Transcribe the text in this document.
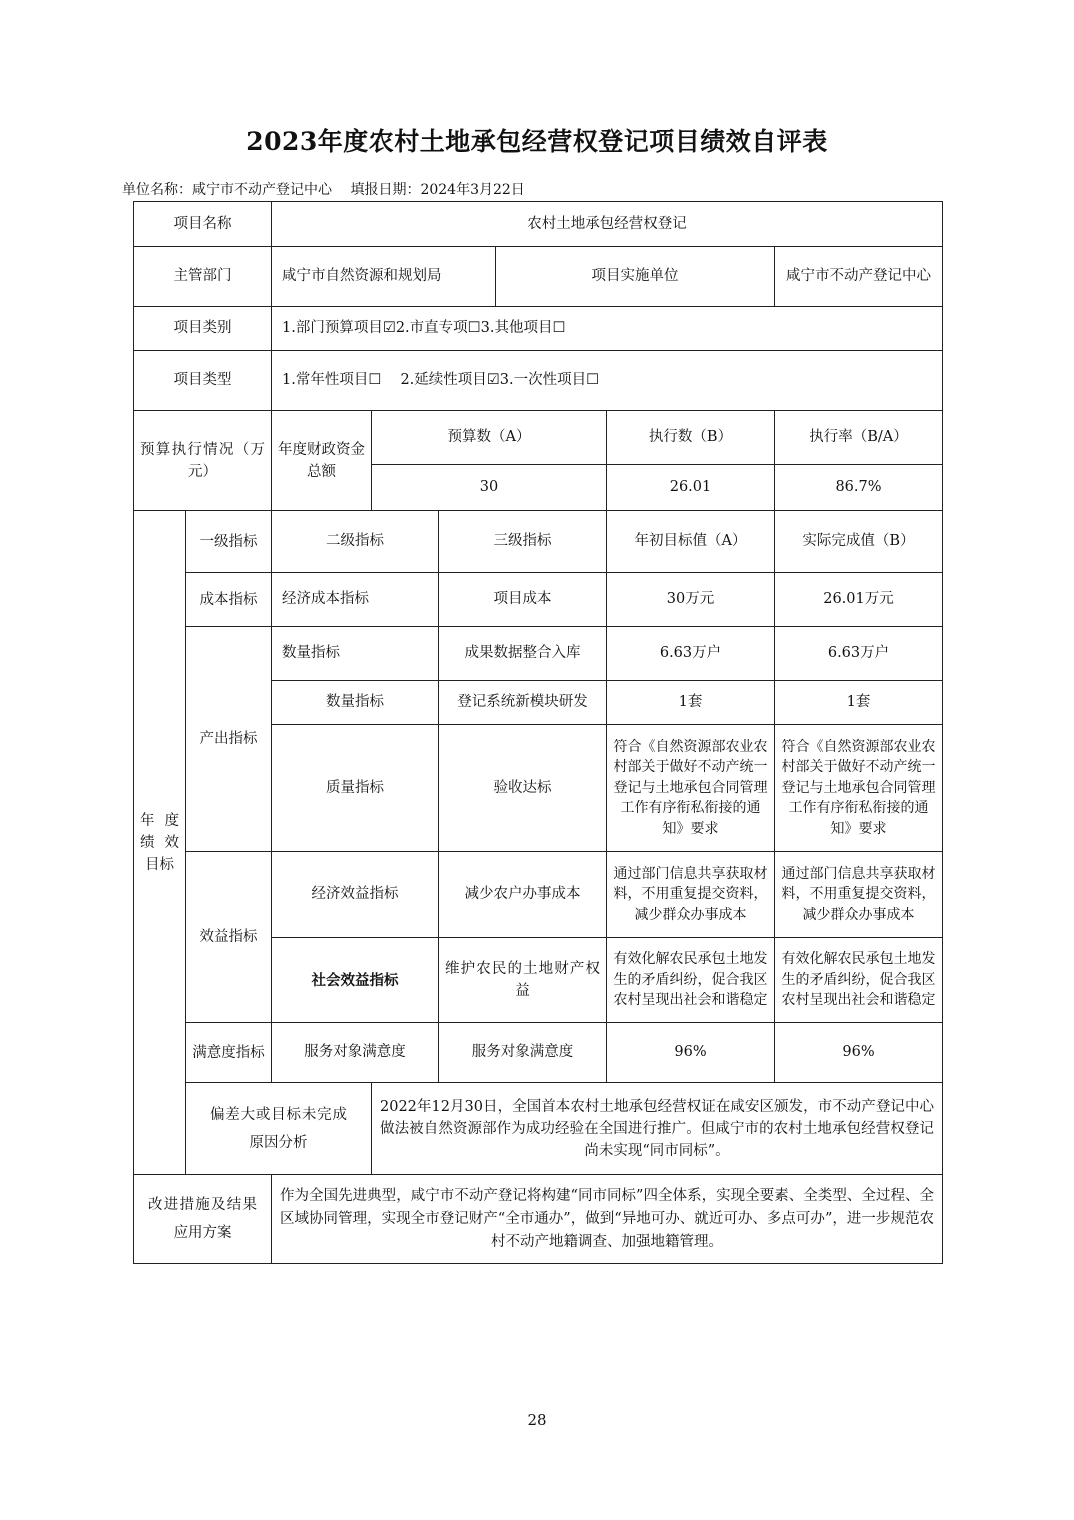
2023年度农村土地承包经营权登记项目绩效自评表
单位名称：咸宁市不动产登记中心 填报日期：2024年3月22日
项目名称		农村土地承包经营权登记					
主管部门		咸宁市自然资源和规划局			项目实施单位		咸宁市不动产登记中心
项目类别		1.部门预算项目☑2.市直专项☐3.其他项目☐					
项目类型		1.常年性项目☐　 2.延续性项目☑3.一次性项目☐					
预算执行情况（万元）		年度财政资金总额	预算数（A）			执行数（B）	执行率（B/A）
			30			26.01	86.7%
年度绩效目标	一级指标	二级指标		三级指标		年初目标值（A）	实际完成值（B）
	成本指标	经济成本指标		项目成本		30万元	26.01万元
	产出指标	数量指标		成果数据整合入库		6.63万户	6.63万户
		数量指标		登记系统新模块研发		1套	1套
		质量指标		验收达标		符合《自然资源部农业农村部关于做好不动产统一登记与土地承包合同管理工作有序衔私衔接的通知》要求	符合《自然资源部农业农村部关于做好不动产统一登记与土地承包合同管理工作有序衔私衔接的通知》要求
	效益指标	经济效益指标		减少农户办事成本		通过部门信息共享获取材料，不用重复提交资料，减少群众办事成本	通过部门信息共享获取材料，不用重复提交资料，减少群众办事成本
		社会效益指标		维护农民的土地财产权益		有效化解农民承包土地发生的矛盾纠纷，促合我区农村呈现出社会和谐稳定	有效化解农民承包土地发生的矛盾纠纷，促合我区农村呈现出社会和谐稳定
	满意度指标	服务对象满意度		服务对象满意度		96%	96%
	偏差大或目标未完成原因分析		2022年12月30日，全国首本农村土地承包经营权证在咸安区颁发，市不动产登记中心做法被自然资源部作为成功经验在全国进行推广。但咸宁市的农村土地承包经营权登记尚未实现“同市同标”。				
改进措施及结果应用方案		作为全国先进典型，咸宁市不动产登记将构建“同市同标”四全体系，实现全要素、全类型、全过程、全区域协同管理，实现全市登记财产“全市通办”，做到“异地可办、就近可办、多点可办”，进一步规范农村不动产地籍调查、加强地籍管理。					
28
